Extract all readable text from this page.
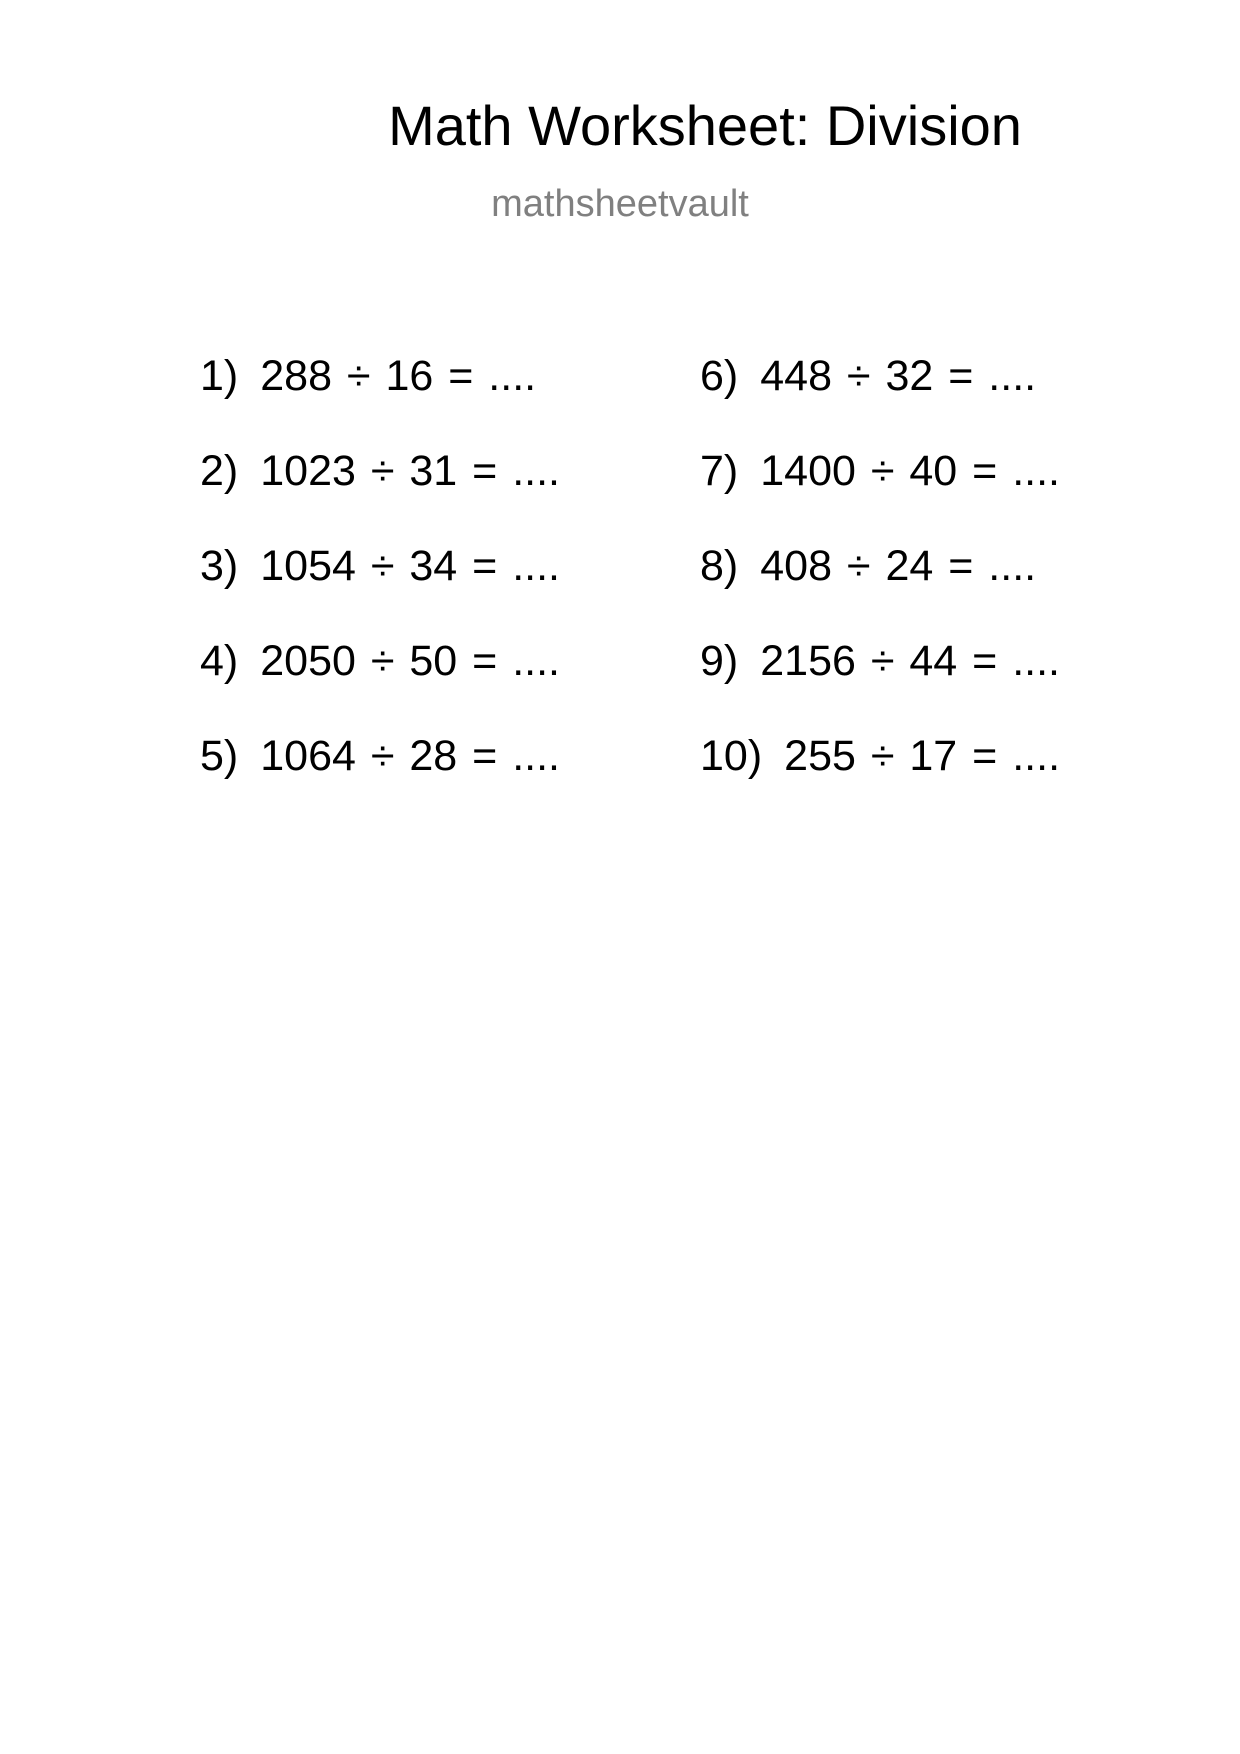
Math Worksheet: Division
mathsheetvault
1) 288 ÷ 16 = ....
2) 1023 ÷ 31 = ....
3) 1054 ÷ 34 = ....
4) 2050 ÷ 50 = ....
5) 1064 ÷ 28 = ....
6) 448 ÷ 32 = ....
7) 1400 ÷ 40 = ....
8) 408 ÷ 24 = ....
9) 2156 ÷ 44 = ....
10) 255 ÷ 17 = ....
